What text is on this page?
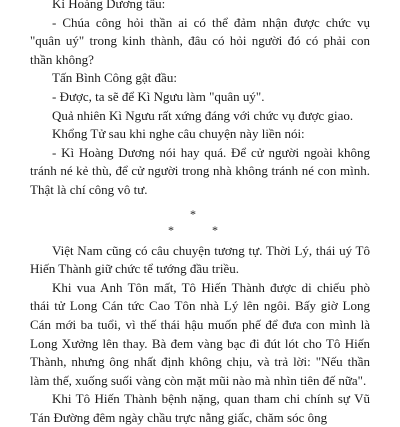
Kì Hoàng Dương tâu:

- Chúa công hỏi thần ai có thể đảm nhận được chức vụ "quân uý" trong kinh thành, đâu có hỏi người đó có phải con thần không?

Tấn Bình Công gật đầu:

- Được, ta sẽ để Kì Ngưu làm "quân uý".

Quả nhiên Kì Ngưu rất xứng đáng với chức vụ được giao.

Khổng Tử sau khi nghe câu chuyện này liền nói:

- Kì Hoàng Dương nói hay quá. Để cử người ngoài không tránh né kẻ thù, để cử người trong nhà không tránh né con mình. Thật là chí công vô tư.

*
*	*

Việt Nam cũng có câu chuyện tương tự. Thời Lý, thái uý Tô Hiến Thành giữ chức tể tướng đầu triều.

Khi vua Anh Tôn mất, Tô Hiến Thành được di chiếu phò thái tử Long Cán tức Cao Tôn nhà Lý lên ngôi. Bấy giờ Long Cán mới ba tuổi, vì thế thái hậu muốn phế để đưa con mình là Long Xưởng lên thay. Bà đem vàng bạc đi đút lót cho Tô Hiến Thành, nhưng ông nhất định không chịu, và trả lời: "Nếu thần làm thế, xuống suối vàng còn mặt mũi nào mà nhìn tiên đế nữa".

Khi Tô Hiến Thành bệnh nặng, quan tham chi chính sự Vũ Tán Đường đêm ngày chầu trực nằng giấc, chăm sóc ông
